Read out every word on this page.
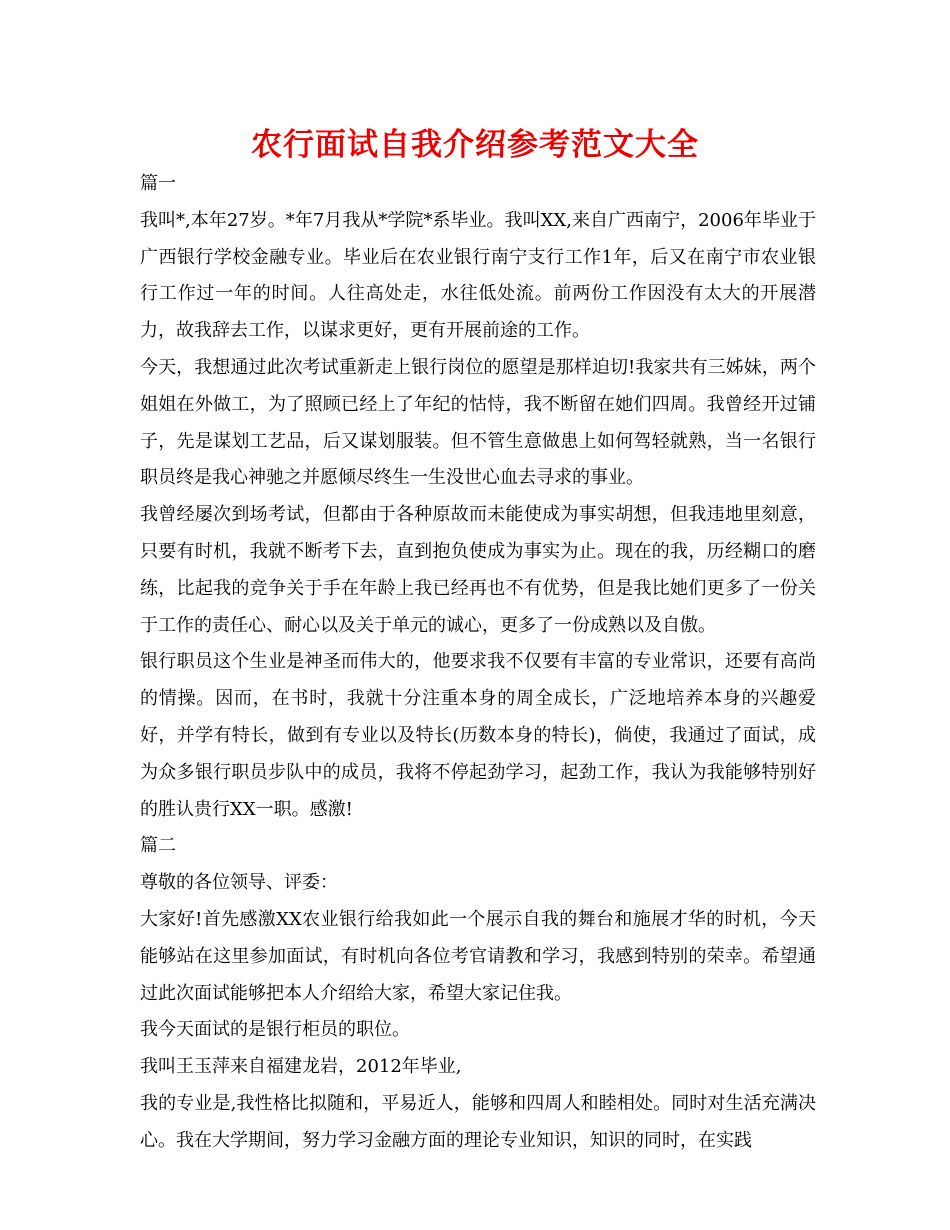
农行面试自我介绍参考范文大全

篇一

我叫*,本年27岁。*年7月我从*学院*系毕业。我叫XX,来自广西南宁，2006年毕业于广西银行学校金融专业。毕业后在农业银行南宁支行工作1年，后又在南宁市农业银行工作过一年的时间。人往高处走，水往低处流。前两份工作因没有太大的开展潜力，故我辞去工作，以谋求更好，更有开展前途的工作。

今天，我想通过此次考试重新走上银行岗位的愿望是那样迫切!我家共有三姊妹，两个姐姐在外做工，为了照顾已经上了年纪的怙恃，我不断留在她们四周。我曾经开过铺子，先是谋划工艺品，后又谋划服装。但不管生意做患上如何驾轻就熟，当一名银行职员终是我心神驰之并愿倾尽终生一生没世心血去寻求的事业。

我曾经屡次到场考试，但都由于各种原故而未能使成为事实胡想，但我违地里刻意，只要有时机，我就不断考下去，直到抱负使成为事实为止。现在的我，历经糊口的磨练，比起我的竞争关于手在年龄上我已经再也不有优势，但是我比她们更多了一份关于工作的责任心、耐心以及关于单元的诚心，更多了一份成熟以及自傲。

银行职员这个生业是神圣而伟大的，他要求我不仅要有丰富的专业常识，还要有高尚的情操。因而，在书时，我就十分注重本身的周全成长，广泛地培养本身的兴趣爱好，并学有特长，做到有专业以及特长(历数本身的特长)，倘使，我通过了面试，成为众多银行职员步队中的成员，我将不停起劲学习，起劲工作，我认为我能够特别好的胜认贵行XX一职。感激!

篇二

尊敬的各位领导、评委：

大家好!首先感激XX农业银行给我如此一个展示自我的舞台和施展才华的时机，今天能够站在这里参加面试，有时机向各位考官请教和学习，我感到特别的荣幸。希望通过此次面试能够把本人介绍给大家，希望大家记住我。

我今天面试的是银行柜员的职位。

我叫王玉萍来自福建龙岩，2012年毕业,

我的专业是,我性格比拟随和，平易近人，能够和四周人和睦相处。同时对生活充满决心。我在大学期间，努力学习金融方面的理论专业知识，知识的同时，在实践
